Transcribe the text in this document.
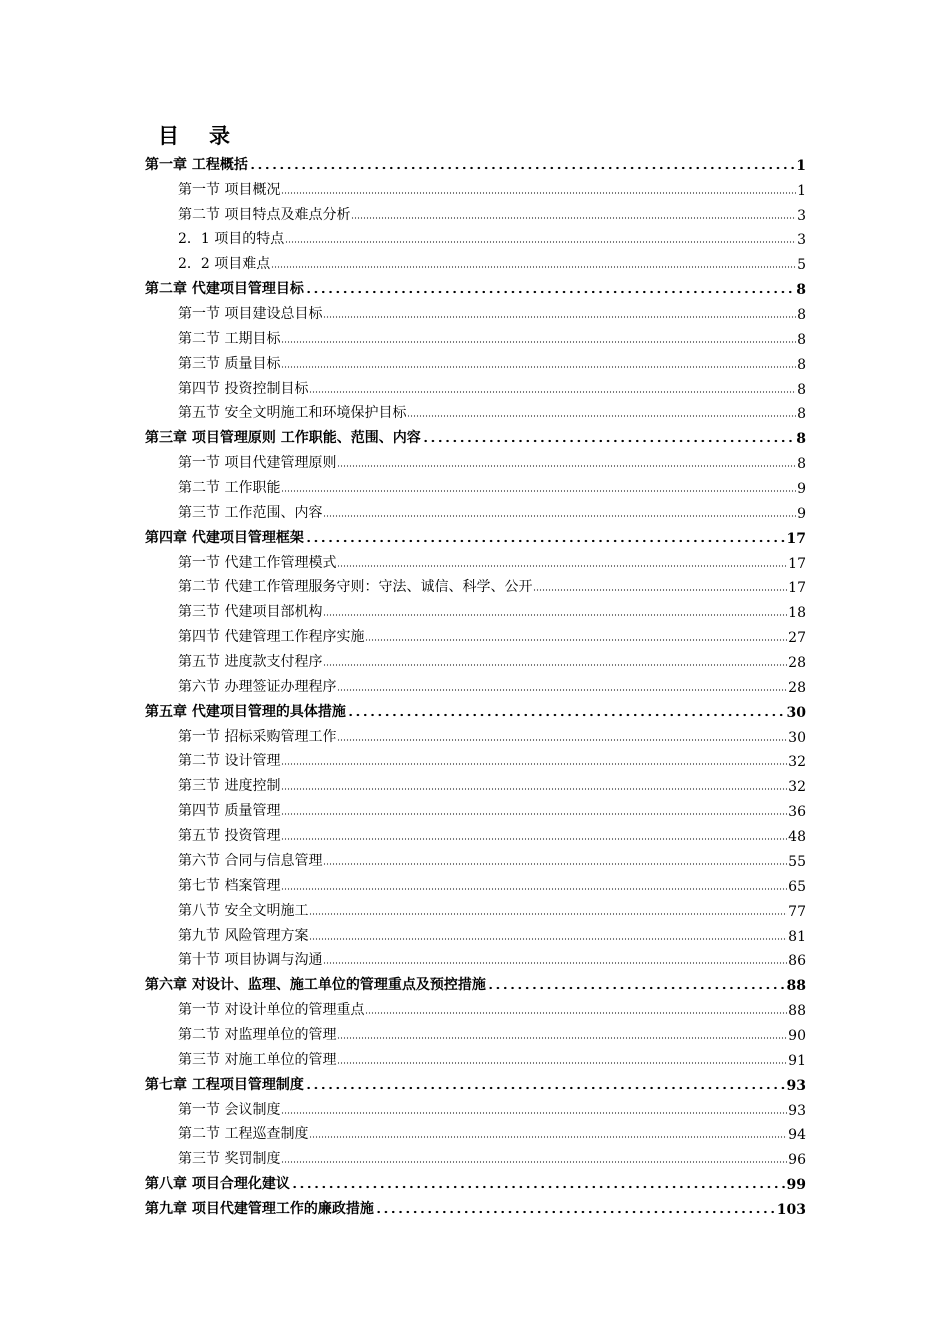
目录
第一章 工程概括	1
第一节 项目概况	1
第二节 项目特点及难点分析	3
2．1 项目的特点	3
2．2 项目难点	5
第二章 代建项目管理目标	8
第一节 项目建设总目标	8
第二节 工期目标	8
第三节 质量目标	8
第四节 投资控制目标	8
第五节 安全文明施工和环境保护目标	8
第三章 项目管理原则 工作职能、范围、内容	8
第一节 项目代建管理原则	8
第二节 工作职能	9
第三节 工作范围、内容	9
第四章 代建项目管理框架	17
第一节 代建工作管理模式	17
第二节 代建工作管理服务守则：守法、诚信、科学、公开	17
第三节 代建项目部机构	18
第四节 代建管理工作程序实施	27
第五节 进度款支付程序	28
第六节 办理签证办理程序	28
第五章 代建项目管理的具体措施	30
第一节 招标采购管理工作	30
第二节 设计管理	32
第三节 进度控制	32
第四节 质量管理	36
第五节 投资管理	48
第六节 合同与信息管理	55
第七节 档案管理	65
第八节 安全文明施工	77
第九节 风险管理方案	81
第十节 项目协调与沟通	86
第六章 对设计、监理、施工单位的管理重点及预控措施	88
第一节 对设计单位的管理重点	88
第二节 对监理单位的管理	90
第三节 对施工单位的管理	91
第七章 工程项目管理制度	93
第一节 会议制度	93
第二节 工程巡查制度	94
第三节 奖罚制度	96
第八章 项目合理化建议	99
第九章 项目代建管理工作的廉政措施	103
